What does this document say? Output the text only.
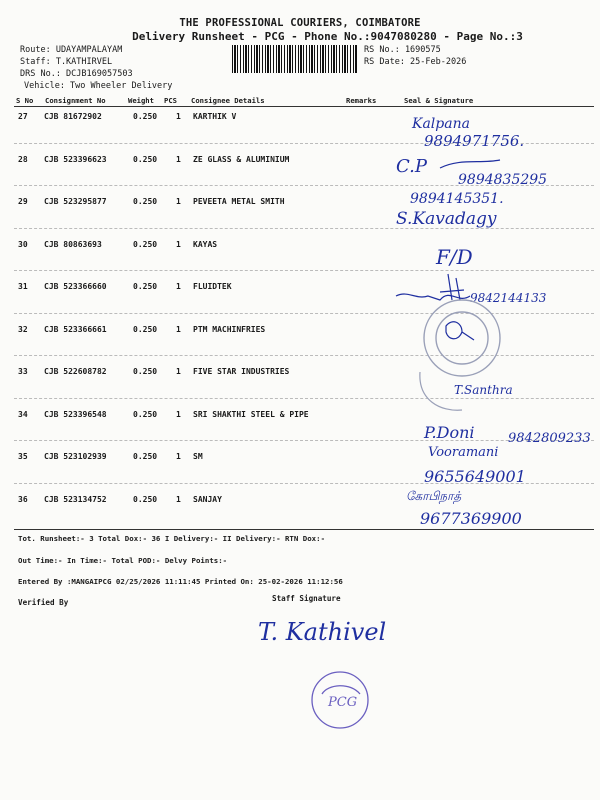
THE PROFESSIONAL COURIERS, COIMBATORE
Delivery Runsheet - PCG - Phone No.:9047080280 - Page No.:3
Route: UDAYAMPALAYAM
Staff: T.KATHIRVEL
DRS No.: DCJB169057503
Vehicle: Two Wheeler Delivery
RS No.: 1690575
RS Date: 25-Feb-2026
S No Consignment No	Weight PCS Consignee Details	Remarks	Seal & Signature
27 CJB 81672902	0.250 1 KARTHIK V
28 CJB 523396623	0.250 1 ZE GLASS & ALUMINIUM
29 CJB 523295877	0.250 1 PEVEETA METAL SMITH
30 CJB 80863693	0.250 1 KAYAS
31 CJB 523366660	0.250 1 FLUIDTEK
32 CJB 523366661	0.250 1 PTM MACHINFRIES
33 CJB 522608782	0.250 1 FIVE STAR INDUSTRIES
34 CJB 523396548	0.250 1 SRI SHAKTHI STEEL & PIPE
35 CJB 523102939	0.250 1 SM
36 CJB 523134752	0.250 1 SANJAY
Kalpana
9894971756.
C.P
9894835295
9894145351.
S.Kavadagy
F/D
9842144133
T.Santhra
P.Doni	9842809233
Vooramani
9655649001
கோபிநாத்
9677369900
T. Kathivel
PCG
Tot. Runsheet:- 3 Total Dox:- 36 I Delivery:- II Delivery:- RTN Dox:-
Out Time:- In Time:- Total POD:- Delvy Points:-
Entered By :MANGAIPCG 02/25/2026 11:11:45 Printed On: 25-02-2026 11:12:56
Verified By	Staff Signature
